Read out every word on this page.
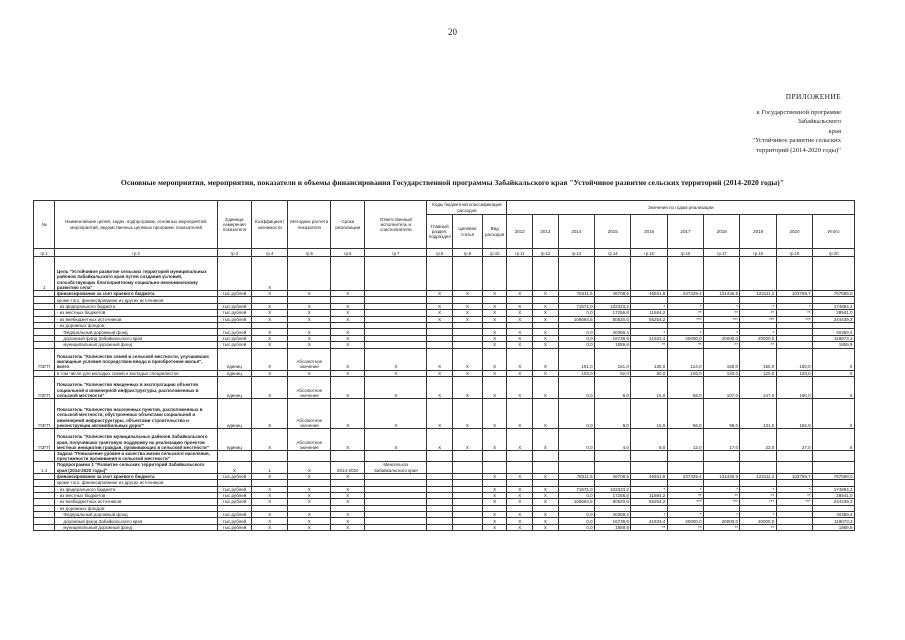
20
ПРИЛОЖЕНИЕ
к Государственной программе
Забайкальского
края
"Устойчивое развитие сельских
территорий (2014-2020 годы)"
Основные мероприятия, мероприятия, показатели и объемы финансирования Государственной программы Забайкальского края "Устойчивое развитие сельских территорий (2014-2020 годы)"
№	Наименование целей, задач, подпрограмм, основных мероприятий, мероприятий, ведомственных целевых программ, показателей	Единица измерения показателя	Коэффициент значимости	Методика расчета показателя	Сроки реализации	Ответственный исполнитель и соисполнители	Коды бюджетной классификации расходов			Значения по годам реализации									
							Главный раздел, подраздел	Целевая статья	Вид расходов	2012	2013	2014	2015	2016	2017	2018	2019	2020	Итого
гр.1	гр.2	гр.3	гр.4	гр.5	гр.6	гр.7	гр.8	гр.9	гр.10	гр.11	гр.12	гр.13	гр.14	гр.15	гр.16	гр.17	гр.18	гр.19	гр.20
1	Цель "Устойчивое развитие сельских территорий муниципальных районов Забайкальского края путем создания условий, способствующих благоприятному социально-экономическому развитию села"		X																
	финансирование за счет краевого бюджета	тыс.рублей	X	X	X		X	X	X	X	X	78311,5	46708,5	46931,8	237329,4	131436,9	123111,2	103759,7	767589,0
	кроме того, финансирование из других источников:																		
	- из федерального бюджета	тыс.рублей	X	X	X		X	X	X	X	X	71571,0	103323,2	*	*	*	*	*	174894,2
	- из местных бюджетов	тыс.рублей	X	X	X		X	X	X	X	X	0,0	17256,8	11684,2	**	**	**	**	28941,0
	- из внебюджетных источников	тыс.рублей	X	X	X		X	X	X	X	X	108664,5	80520,6	55254,2	***	***	***	***	244439,3
	- из дорожных фондов:																		
	Федеральный дорожный фонд	тыс.рублей	X	X	X				X	X	X	0,0	40369,4	*	*	*	*		40369,4
	дорожный фонд Забайкальского края	тыс.рублей	X	X	X				X	X	X	0,0	16739,9	41933,4	20000,0	20000,0	20000,0		118673,3
	муниципальный дорожный фонд	тыс.рублей	X	X	X				X	X	X	0,0	1859,9	**	**	**	**		1859,9
ПЗГП	Показатель "Количество семей в сельской местности, улучшивших жилищные условия посредством ввода и приобретения жилья", всего	единиц	X	Абсолютное значение	X	X	X	X	X	X	X	191,0	151,0	135,0	124,0	150,0	150,0	150,0	X
	в том числе для молодых семей и молодых специалистов	единиц	X	X	X	X	X	X	X	X	X	103,0	92,0	90,0	105,0	120,0	120,0	120,0	X
ПЗГП	Показатель "Количество введенных в эксплуатацию объектов социальной и инженерной инфраструктуры, расположенных в сельской местности"	единиц	X	Абсолютное значение	X	X	X	X	X	X	X	0,0	8,0	16,0	58,0	107,0	147,0	190,0	X
ПЗГП	Показатель "Количество населенных пунктов, расположенных в сельской местности, обустроенных объектами социальной и инженерной инфраструктуры, объектами строительства и реконструкции автомобильных дорог"	единиц	X	Абсолютное значение	X	X	X	X	X	X	X	0,0	8,0	16,0	56,0	98,0	131,0	156,0	X
ПЗГП	Показатель "Количество муниципальных районов Забайкальского края, получивших грантовую поддержку на реализацию проектов местных инициатив граждан, проживающих в сельской местности"	единиц	X	Абсолютное значение	X	X	X	X	X	X	X	0,0	4,0	8,0	12,0	17,0	22,0	27,0	X
	Задача "Повышение уровня и качества жизни сельского населения, престижности проживания в сельской местности"																		
1.1	Подпрограмма 1 "Развитие сельских территорий Забайкальского края (2014-2020 годы)"	X	1	X	2014-2020	Минсельхоз Забайкальского края													
	финансирование за счет краевого бюджета	тыс.рублей	X	X	X				X	X	X	78311,5	46708,5	46931,8	237329,4	131436,9	123111,2	103759,7	767589,0
	кроме того, финансирование из других источников:																		
	- из федерального бюджета	тыс.рублей	X	X	X				X	X	X	71571,0	103323,2	*	*	*	*	*	174894,2
	- из местных бюджетов	тыс.рублей	X	X	X				X	X	X	0,0	17256,8	11684,2	**	**	**	**	28941,0
	- из внебюджетных источников	тыс.рублей	X	X	X				X	X	X	108664,5	80520,6	55254,2	***	***	***	***	244439,3
	- из дорожных фондов:																		
	Федеральный дорожный фонд	тыс.рублей	X	X	X				X	X	X	0,0	40369,4	*	*	*	*		40369,4
	дорожный фонд Забайкальского края	тыс.рублей	X	X	X				X	X	X	0,0	16739,9	41933,4	20000,0	20000,0	20000,0		118673,3
	муниципальный дорожный фонд	тыс.рублей	X	X	X				X	X	X	0,0	1859,9	**	**	**	**		1859,9
